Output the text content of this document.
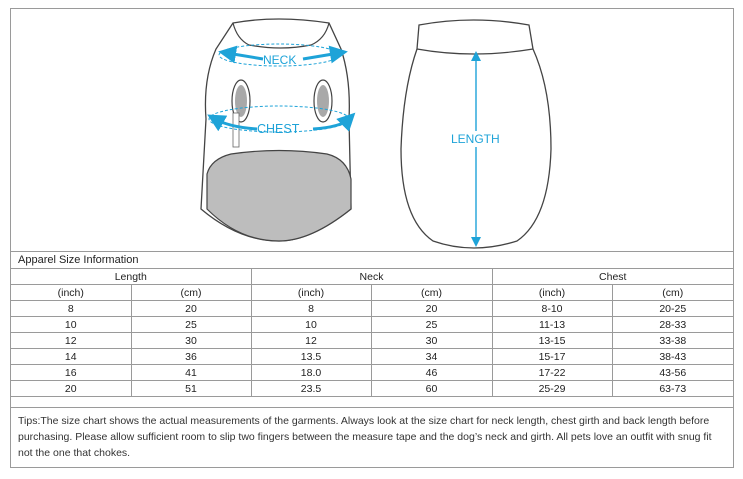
NECK
CHEST
LENGTH
Apparel Size Information
Length		Neck		Chest	
(inch)	(cm)	(inch)	(cm)	(inch)	(cm)
8	20	8	20	8-10	20-25
10	25	10	25	11-13	28-33
12	30	12	30	13-15	33-38
14	36	13.5	34	15-17	38-43
16	41	18.0	46	17-22	43-56
20	51	23.5	60	25-29	63-73
Tips:The size chart shows the actual measurements of the garments. Always look at the size chart for neck length, chest girth and back length before purchasing. Please allow sufficient room to slip two fingers between the measure tape and the dog’s neck and girth. All pets love an outfit with snug fit not the one that chokes.
